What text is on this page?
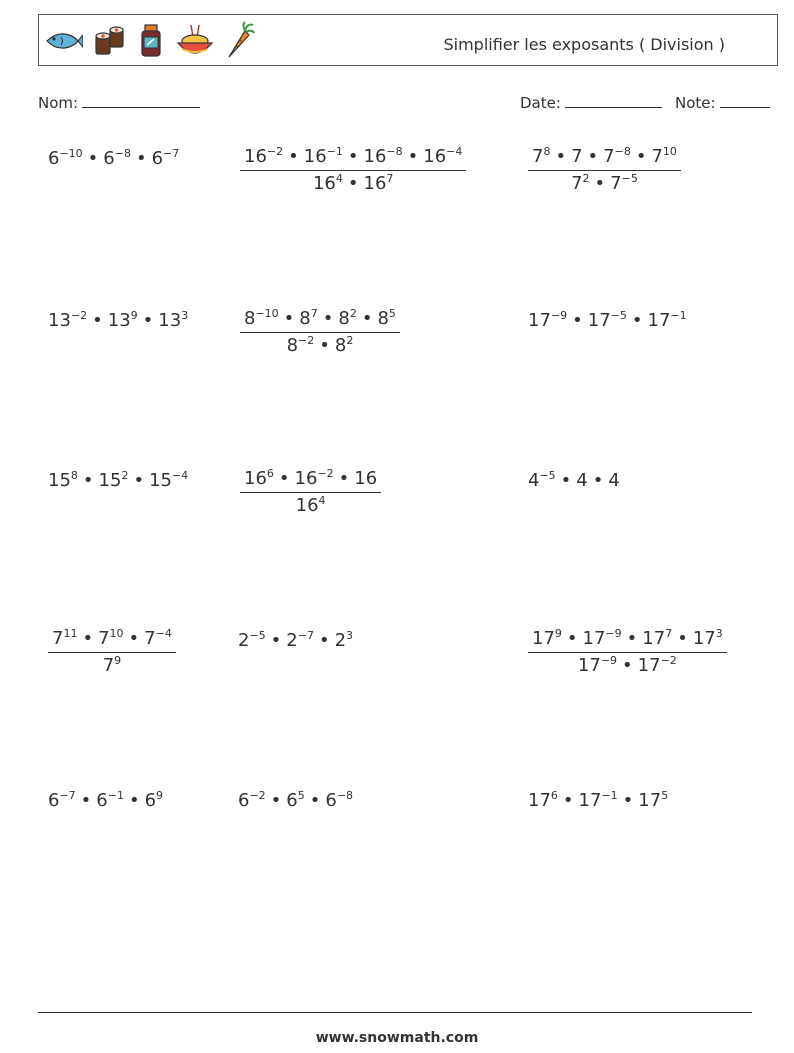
Simplifier les exposants ( Division )
Nom:	Date:	Note:
$6^{-10}$ • $6^{-8}$ • $6^{-7}$	$\frac{16^{-2} • 16^{-1} • 16^{-8} • 16^{-4}}{16^4 • 16^7}$	$\frac{7^8 • 7 • 7^{-8} • 7^{10}}{7^2 • 7^{-5}}$
$13^{-2}$ • $13^9$ • $13^3$	$\frac{8^{-10} • 8^7 • 8^2 • 8^5}{8^{-2} • 8^2}$	$17^{-9}$ • $17^{-5}$ • $17^{-1}$
$15^8$ • $15^2$ • $15^{-4}$	$\frac{16^6 • 16^{-2} • 16}{16^4}$	$4^{-5}$ • 4 • 4
$\frac{7^{11} • 7^{10} • 7^{-4}}{7^9}$	$2^{-5}$ • $2^{-7}$ • $2^3$	$\frac{17^9 • 17^{-9} • 17^7 • 17^3}{17^{-9} • 17^{-2}}$
$6^{-7}$ • $6^{-1}$ • $6^9$	$6^{-2}$ • $6^5$ • $6^{-8}$	$17^6$ • $17^{-1}$ • $17^5$
www.snowmath.com
